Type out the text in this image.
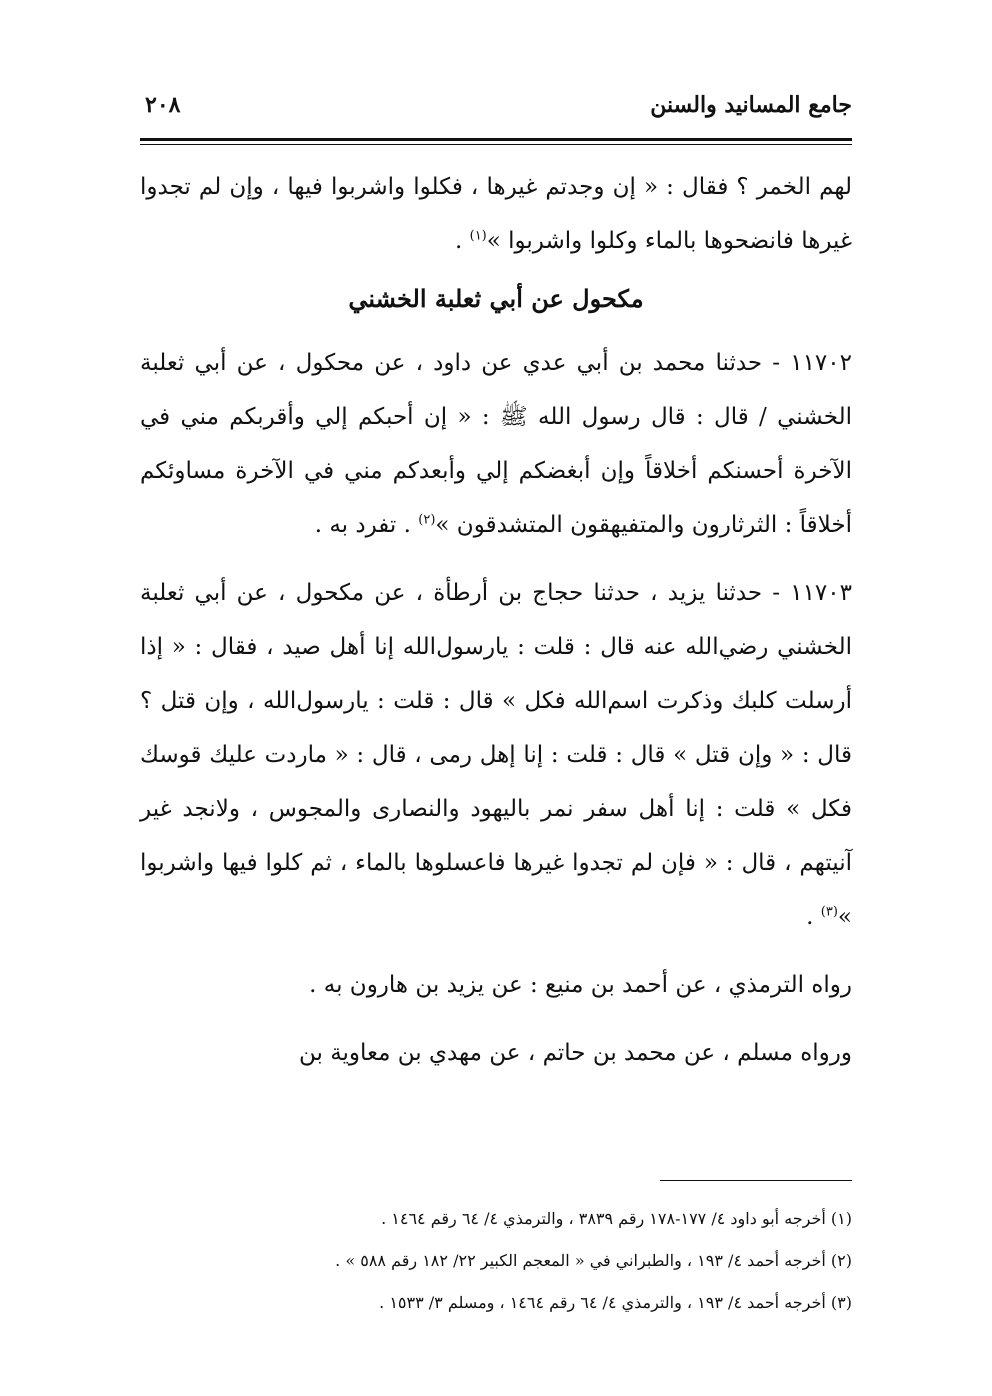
جامع المسانيد والسنن
٢٠٨

لهم الخمر ؟ فقال : « إن وجدتم غيرها ، فكلوا واشربوا فيها ، وإن لم تجدوا غيرها فانضحوها بالماء وكلوا واشربوا »$^{(١)}$ .

مكحول عن أبي ثعلبة الخشني

١١٧٠٢ - حدثنا محمد بن أبي عدي عن داود ، عن محكول ، عن أبي ثعلبة الخشني / قال : قال رسول الله ﷺ : « إن أحبكم إلي وأقربكم مني في الآخرة أحسنكم أخلاقاً وإن أبغضكم إلي وأبعدكم مني في الآخرة مساوئكم أخلاقاً : الثرثارون والمتفيهقون المتشدقون »$^{(٢)}$ . تفرد به .

١١٧٠٣ - حدثنا يزيد ، حدثنا حجاج بن أرطأة ، عن مكحول ، عن أبي ثعلبة الخشني رضي‌الله عنه قال : قلت : يارسول‌الله إنا أهل صيد ، فقال : « إذا أرسلت كلبك وذكرت اسم‌الله فكل » قال : قلت : يارسول‌الله ، وإن قتل ؟ قال : « وإن قتل » قال : قلت : إنا إهل رمى ، قال : « ماردت عليك قوسك فكل » قلت : إنا أهل سفر نمر باليهود والنصارى والمجوس ، ولانجد غير آنيتهم ، قال : « فإن لم تجدوا غيرها فاعسلوها بالماء ، ثم كلوا فيها واشربوا »$^{(٣)}$ .

رواه الترمذي ، عن أحمد بن منيع : عن يزيد بن هارون به .

ورواه مسلم ، عن محمد بن حاتم ، عن مهدي بن معاوية بن

(١) أخرجه أبو داود ٤/ ١٧٧-١٧٨ رقم ٣٨٣٩ ، والترمذي ٤/ ٦٤ رقم ١٤٦٤ .
(٢) أخرجه أحمد ٤/ ١٩٣ ، والطبراني في « المعجم الكبير ٢٢/ ١٨٢ رقم ٥٨٨ » .
(٣) أخرجه أحمد ٤/ ١٩٣ ، والترمذي ٤/ ٦٤ رقم ١٤٦٤ ، ومسلم ٣/ ١٥٣٣ .
